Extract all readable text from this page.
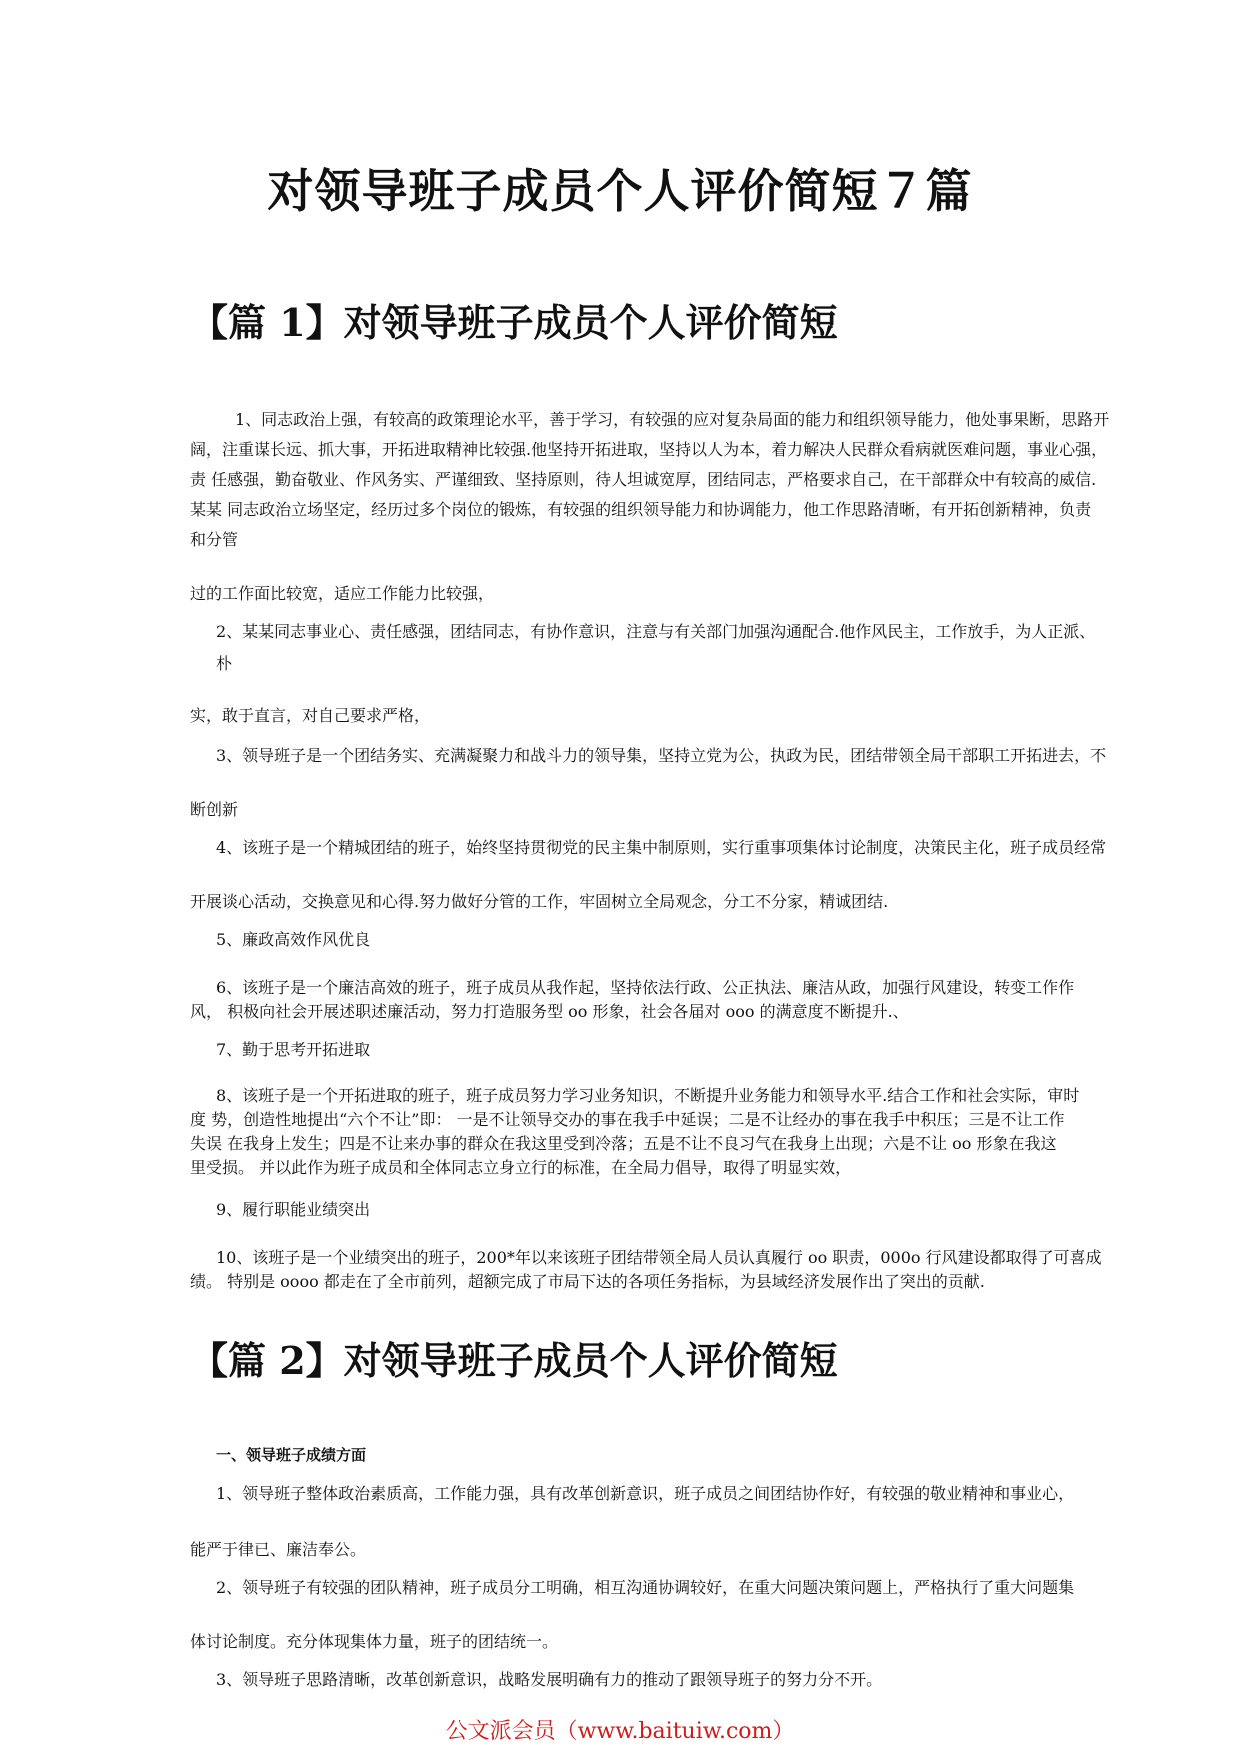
对领导班子成员个人评价简短７篇
【篇 1】对领导班子成员个人评价简短
1、同志政治上强，有较高的政策理论水平，善于学习，有较强的应对复杂局面的能力和组织领导能力，他处事果断，思路开
阔，注重谋长远、抓大事，开拓进取精神比较强.他坚持开拓进取，坚持以人为本，着力解决人民群众看病就医难问题，事业心强，
责 任感强，勤奋敬业、作风务实、严谨细致、坚持原则，待人坦诚宽厚，团结同志，严格要求自己，在干部群众中有较高的威信.
某某 同志政治立场坚定，经历过多个岗位的锻炼，有较强的组织领导能力和协调能力，他工作思路清晰，有开拓创新精神，负责
和分管
过的工作面比较宽，适应工作能力比较强，
2、某某同志事业心、责任感强，团结同志，有协作意识，注意与有关部门加强沟通配合.他作风民主，工作放手，为人正派、
朴
实，敢于直言，对自己要求严格，
3、领导班子是一个团结务实、充满凝聚力和战斗力的领导集，坚持立党为公，执政为民，团结带领全局干部职工开拓进去，不
断创新
4、该班子是一个精城团结的班子，始终坚持贯彻党的民主集中制原则，实行重事项集体讨论制度，决策民主化，班子成员经常
开展谈心活动，交换意见和心得.努力做好分管的工作，牢固树立全局观念，分工不分家，精诚团结.
5、廉政高效作风优良
6、该班子是一个廉洁高效的班子，班子成员从我作起，坚持依法行政、公正执法、廉洁从政，加强行风建设，转变工作作
风， 积极向社会开展述职述廉活动，努力打造服务型 oo 形象，社会各届对 ooo 的满意度不断提升.、
7、勤于思考开拓进取
8、该班子是一个开拓进取的班子，班子成员努力学习业务知识，不断提升业务能力和领导水平.结合工作和社会实际，审时
度 势，创造性地提出“六个不让”即： 一是不让领导交办的事在我手中延误；二是不让经办的事在我手中积压；三是不让工作
失误 在我身上发生；四是不让来办事的群众在我这里受到冷落；五是不让不良习气在我身上出现；六是不让 oo 形象在我这
里受损。 并以此作为班子成员和全体同志立身立行的标准，在全局力倡导，取得了明显实效，
9、履行职能业绩突出
10、该班子是一个业绩突出的班子，200*年以来该班子团结带领全局人员认真履行 oo 职责，000o 行风建设都取得了可喜成
绩。 特别是 oooo 都走在了全市前列，超额完成了市局下达的各项任务指标，为县域经济发展作出了突出的贡献.
【篇 2】对领导班子成员个人评价简短
一、领导班子成绩方面
1、领导班子整体政治素质高，工作能力强，具有改革创新意识，班子成员之间团结协作好，有较强的敬业精神和事业心，
能严于律已、廉洁奉公。
2、领导班子有较强的团队精神，班子成员分工明确，相互沟通协调较好，在重大问题决策问题上，严格执行了重大问题集
体讨论制度。充分体现集体力量，班子的团结统一。
3、领导班子思路清晰，改革创新意识，战略发展明确有力的推动了跟领导班子的努力分不开。
公文派会员（www.baituiw.com）
